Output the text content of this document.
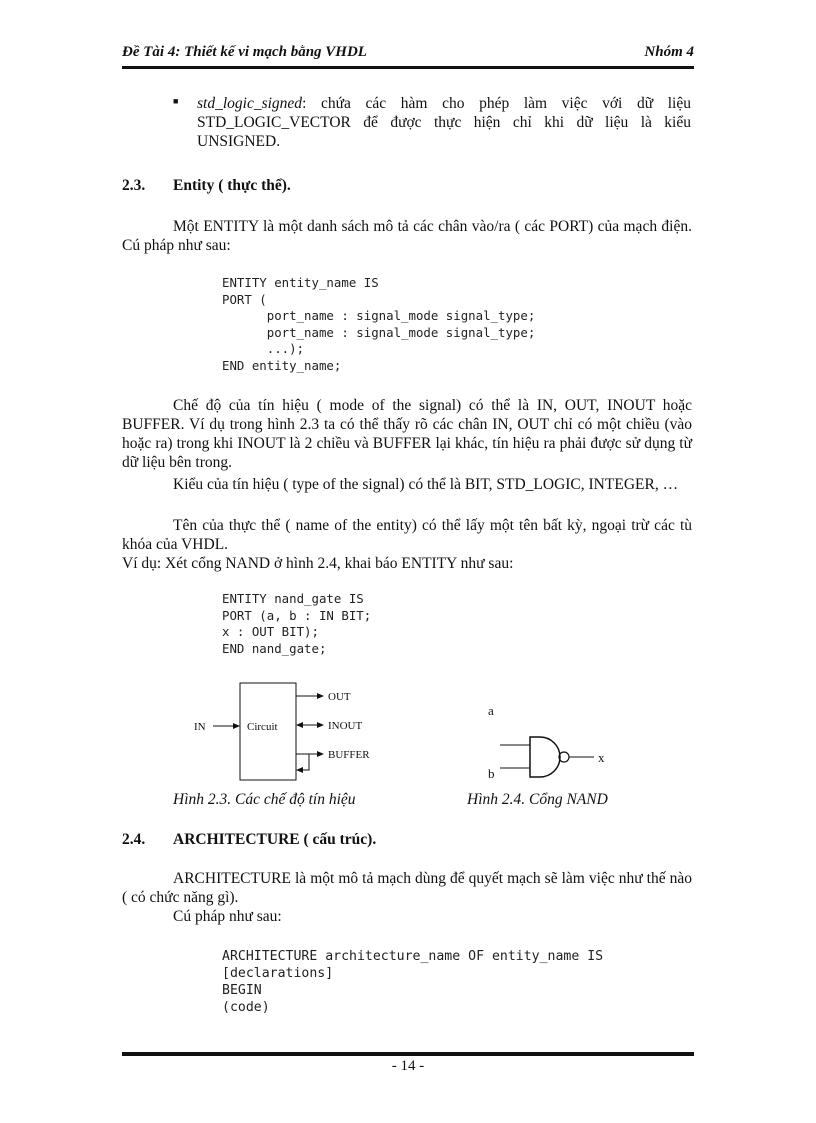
Đề Tài 4: Thiết kế vi mạch bằng VHDL	Nhóm 4
■ std_logic_signed: chứa các hàm cho phép làm việc với dữ liệu STD_LOGIC_VECTOR để được thực hiện chỉ khi dữ liệu là kiểu UNSIGNED.
2.3. Entity ( thực thể).
Một ENTITY là một danh sách mô tả các chân vào/ra ( các PORT) của mạch điện. Cú pháp như sau:
ENTITY entity_name IS
PORT (
port_name : signal_mode signal_type;
port_name : signal_mode signal_type;
...);
END entity_name;
Chế độ của tín hiệu ( mode of the signal) có thể là IN, OUT, INOUT hoặc BUFFER. Ví dụ trong hình 2.3 ta có thể thấy rõ các chân IN, OUT chỉ có một chiều (vào hoặc ra) trong khi INOUT là 2 chiều và BUFFER lại khác, tín hiệu ra phải được sử dụng từ dữ liệu bên trong.
Kiểu của tín hiệu ( type of the signal) có thể là BIT, STD_LOGIC, INTEGER, …
Tên của thực thể ( name of the entity) có thể lấy một tên bất kỳ, ngoại trừ các tù khóa của VHDL.
Ví dụ: Xét cổng NAND ở hình 2.4, khai báo ENTITY như sau:
ENTITY nand_gate IS
PORT (a, b : IN BIT;
x : OUT BIT);
END nand_gate;
IN	Circuit
OUT
INOUT
BUFFER
a
b
x
Hình 2.3. Các chế độ tín hiệu	Hình 2.4. Cổng NAND
2.4. ARCHITECTURE ( cấu trúc).
ARCHITECTURE là một mô tả mạch dùng để quyết mạch sẽ làm việc như thế nào ( có chức năng gì).
Cú pháp như sau:
ARCHITECTURE architecture_name OF entity_name IS
[declarations]
BEGIN
(code)
- 14 -
